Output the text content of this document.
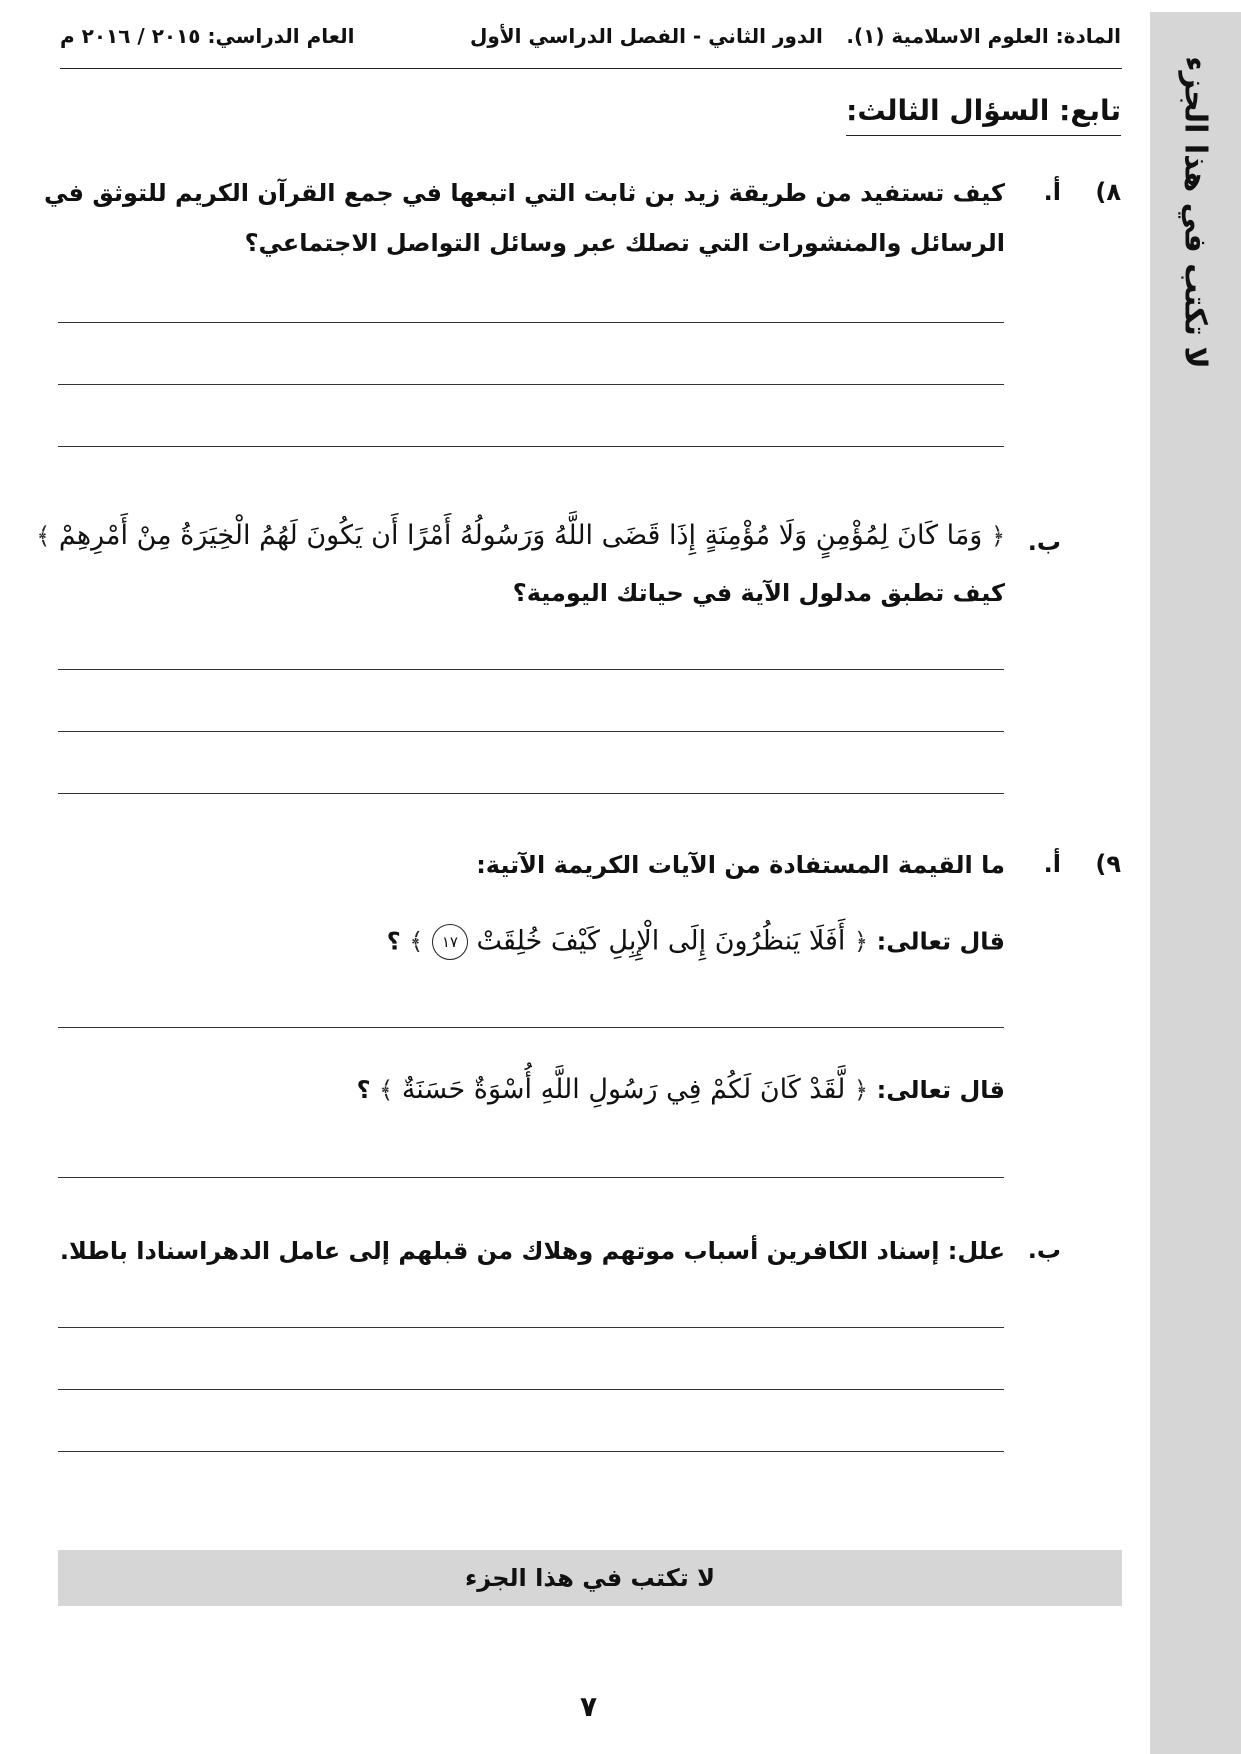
لا تكتب في هذا الجزء
المادة: العلوم الاسلامية (١).
الدور الثاني - الفصل الدراسي الأول
العام الدراسي: ٢٠١٥ / ٢٠١٦ م
تابع: السؤال الثالث:
٨)
أ.
كيف تستفيد من طريقة زيد بن ثابت التي اتبعها في جمع القرآن الكريم للتوثق في
الرسائل والمنشورات التي تصلك عبر وسائل التواصل الاجتماعي؟
ب.
﴿ وَمَا كَانَ لِمُؤْمِنٍ وَلَا مُؤْمِنَةٍ إِذَا قَضَى اللَّهُ وَرَسُولُهُ أَمْرًا أَن يَكُونَ لَهُمُ الْخِيَرَةُ مِنْ أَمْرِهِمْ ﴾
كيف تطبق مدلول الآية في حياتك اليومية؟
٩)
أ.
ما القيمة المستفادة من الآيات الكريمة الآتية:
قال تعالى: ﴿ أَفَلَا يَنظُرُونَ إِلَى الْإِبِلِ كَيْفَ خُلِقَتْ ١٧ ﴾ ؟
قال تعالى: ﴿ لَّقَدْ كَانَ لَكُمْ فِي رَسُولِ اللَّهِ أُسْوَةٌ حَسَنَةٌ ﴾ ؟
ب.
علل: إسناد الكافرين أسباب موتهم وهلاك من قبلهم إلى عامل الدهراسنادا باطلا.
لا تكتب في هذا الجزء
٧
